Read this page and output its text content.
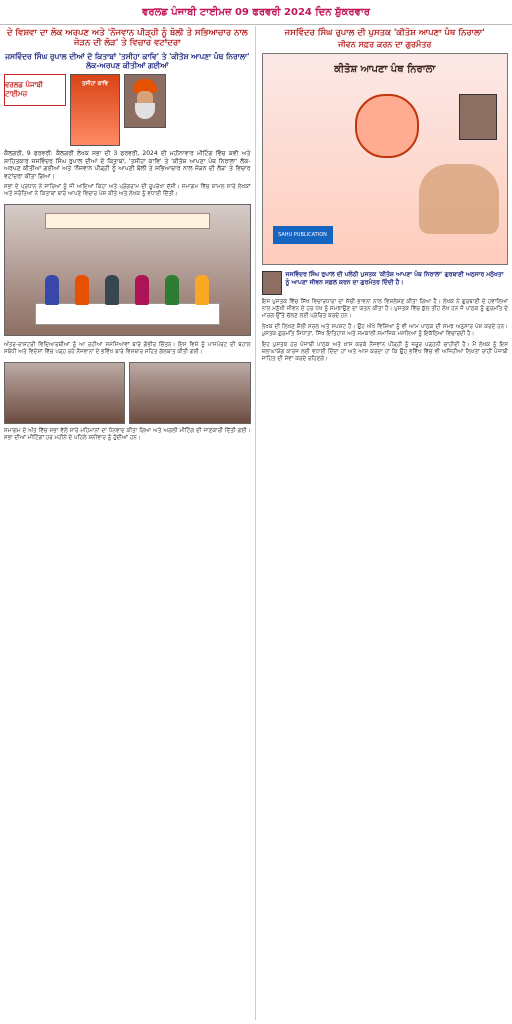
ਵਰਲਡ ਪੰਜਾਬੀ ਟਾਈਮਜ਼ 09 ਫਰਵਰੀ 2024 ਦਿਨ ਸ਼ੁੱਕਰਵਾਰ
ਦੇ ਵਿਸ਼ਵਾ ਦਾ ਲੋਕ ਅਰਪਣ ਅਤੇ 'ਨੌਜਵਾਨ ਪੀੜ੍ਹੀ ਨੂੰ ਬੋਲੀ ਤੇ ਸਭਿਆਚਾਰ ਨਾਲ ਜੋੜਨ ਦੀ ਲੋੜ' ਤੇ ਵਿਚਾਰ ਵਟਾਂਦਰਾ
ਜਸਵਿੰਦਰ ਸਿੰਘ ਰੁਪਾਲ ਦੀਆਂ ਦੋ ਕਿਤਾਬਾਂ 'ਤਸੀਹਾ ਕਾਵਿ' ਤੇ 'ਕੀਤੋਸ਼ ਆਪਣਾ ਪੰਥ ਨਿਰਾਲਾ' ਲੋਕ-ਅਰਪਣ ਕੀਤੀਆਂ ਗਈਆਂ
ਵਰਲਡ ਪੰਜਾਬੀ ਟਾਈਮਜ਼
ਤਸੀਹਾ ਕਾਵਿ
ਕੈਲਗਰੀ, 9 ਫਰਵਰੀ: ਕੈਲਗਰੀ ਲੇਖਕ ਸਭਾ ਦੀ 3 ਫਰਵਰੀ, 2024 ਦੀ ਮਹੀਨਾਵਾਰ ਮੀਟਿੰਗ ਵਿੱਚ ਕਵੀ ਅਤੇ ਸਾਹਿਤਕਾਰ ਜਸਵਿੰਦਰ ਸਿੰਘ ਰੁਪਾਲ ਦੀਆਂ ਦੋ ਕਿਤਾਬਾਂ, 'ਤਸੀਹਾ ਕਾਵਿ' ਤੇ 'ਕੀਤੋਸ਼ ਆਪਣਾ ਪੰਥ ਨਿਰਾਲਾ' ਲੋਕ-ਅਰਪਣ ਕੀਤੀਆਂ ਗਈਆਂ ਅਤੇ 'ਨੌਜਵਾਨ ਪੀੜ੍ਹੀ ਨੂੰ ਆਪਣੀ ਬੋਲੀ ਤੇ ਸਭਿਆਚਾਰ ਨਾਲ ਜੋੜਨ ਦੀ ਲੋੜ' ਤੇ ਵਿਚਾਰ ਵਟਾਂਦਰਾ ਕੀਤਾ ਗਿਆ।
ਸਭਾ ਦੇ ਪ੍ਰਧਾਨ ਨੇ ਸਾਰਿਆਂ ਨੂੰ ਜੀ ਆਇਆਂ ਕਿਹਾ ਅਤੇ ਪ੍ਰੋਗਰਾਮ ਦੀ ਰੂਪਰੇਖਾ ਦੱਸੀ। ਸਮਾਗਮ ਵਿੱਚ ਸ਼ਾਮਲ ਸਾਰੇ ਲੇਖਕਾਂ ਅਤੇ ਸਰੋਤਿਆਂ ਨੇ ਕਿਤਾਬਾਂ ਬਾਰੇ ਆਪਣੇ ਵਿਚਾਰ ਪੇਸ਼ ਕੀਤੇ ਅਤੇ ਲੇਖਕ ਨੂੰ ਵਧਾਈ ਦਿੱਤੀ।
ਅੰਤਰ-ਰਾਸ਼ਟਰੀ ਵਿਦਿਆਰਥੀਆਂ ਨੂੰ ਆ ਰਹੀਆਂ ਸਮੱਸਿਆਵਾਂ ਬਾਰੇ ਗੰਭੀਰ ਚਿੰਤਨ। ਇਸ ਵਿਸ਼ੇ ਨੂੰ ਪਾਸਪੋਰਟ ਦੀ ਬਹਾਲ ਸਬੰਧੀ ਅਤੇ ਵਿਦੇਸ਼ਾਂ ਵਿੱਚ ਪੜ੍ਹ ਰਹੇ ਨੌਜਵਾਨਾਂ ਦੇ ਭਵਿੱਖ ਬਾਰੇ ਵਿਸਥਾਰ ਸਹਿਤ ਗੱਲਬਾਤ ਕੀਤੀ ਗਈ।
ਸਮਾਗਮ ਦੇ ਅੰਤ ਵਿੱਚ ਸਭਾ ਵੱਲੋਂ ਸਾਰੇ ਮਹਿਮਾਨਾਂ ਦਾ ਧੰਨਵਾਦ ਕੀਤਾ ਗਿਆ ਅਤੇ ਅਗਲੀ ਮੀਟਿੰਗ ਦੀ ਜਾਣਕਾਰੀ ਦਿੱਤੀ ਗਈ। ਸਭਾ ਦੀਆਂ ਮੀਟਿੰਗਾਂ ਹਰ ਮਹੀਨੇ ਦੇ ਪਹਿਲੇ ਸ਼ਨੀਵਾਰ ਨੂੰ ਹੁੰਦੀਆਂ ਹਨ।
ਜਸਵਿੰਦਰ ਸਿੰਘ ਰੁਪਾਲ ਦੀ ਪੁਸਤਕ 'ਕੀਤੋਸ਼ ਆਪਣਾ ਪੰਥ ਨਿਰਾਲਾ'
ਜੀਵਨ ਸਫ਼ਰ ਕਰਨ ਦਾ ਗੁਰਮੰਤਰ
ਕੀਤੋਸ਼ ਆਪਣਾ ਪੰਥ ਨਿਰਾਲਾ
SAHU PUBLICATION
ਜਸਵਿੰਦਰ ਸਿੰਘ ਰੁਪਾਲ ਦੀ ਪਲੇਠੀ ਪੁਸਤਕ 'ਕੀਤੋਸ਼ ਆਪਣਾ ਪੰਥ ਨਿਰਾਲਾ' ਗੁਰਬਾਣੀ ਅਨੁਸਾਰ ਮਨੁੱਖਤਾ ਨੂੰ ਆਪਣਾ ਜੀਵਨ ਸਫ਼ਲ ਕਰਨ ਦਾ ਗੁਰਮੰਤਰ ਦਿੰਦੀ ਹੈ।
ਇਸ ਪੁਸਤਕ ਵਿੱਚ ਸਿੱਖ ਵਿਚਾਰਧਾਰਾ ਦਾ ਸੱਚੀ ਭਾਵਨਾ ਨਾਲ ਵਿਸ਼ਲੇਸ਼ਣ ਕੀਤਾ ਗਿਆ ਹੈ। ਲੇਖਕ ਨੇ ਗੁਰਬਾਣੀ ਦੇ ਹਵਾਲਿਆਂ ਨਾਲ ਮਨੁੱਖੀ ਜੀਵਨ ਦੇ ਹਰ ਪੱਖ ਨੂੰ ਸਮਝਾਉਣ ਦਾ ਯਤਨ ਕੀਤਾ ਹੈ। ਪੁਸਤਕ ਵਿੱਚ ਕੁੱਲ ਤੀਹ ਲੇਖ ਹਨ ਜੋ ਪਾਠਕ ਨੂੰ ਗੁਰਮਤਿ ਦੇ ਮਾਰਗ ਉੱਤੇ ਚੱਲਣ ਲਈ ਪ੍ਰੇਰਿਤ ਕਰਦੇ ਹਨ।
ਲੇਖਕ ਦੀ ਲਿਖਣ ਸ਼ੈਲੀ ਸਰਲ ਅਤੇ ਸਪਸ਼ਟ ਹੈ। ਉਹ ਔਖੇ ਵਿਸ਼ਿਆਂ ਨੂੰ ਵੀ ਆਮ ਪਾਠਕ ਦੀ ਸਮਝ ਅਨੁਸਾਰ ਪੇਸ਼ ਕਰਦੇ ਹਨ। ਪੁਸਤਕ ਗੁਰਮਤਿ ਸਿਧਾਂਤਾਂ, ਸਿੱਖ ਇਤਿਹਾਸ ਅਤੇ ਸਮਕਾਲੀ ਸਮਾਜਿਕ ਮਸਲਿਆਂ ਨੂੰ ਇਕੱਠਿਆਂ ਵਿਚਾਰਦੀ ਹੈ।
ਇਹ ਪੁਸਤਕ ਹਰ ਪੰਜਾਬੀ ਪਾਠਕ ਅਤੇ ਖ਼ਾਸ ਕਰਕੇ ਨੌਜਵਾਨ ਪੀੜ੍ਹੀ ਨੂੰ ਜ਼ਰੂਰ ਪੜ੍ਹਨੀ ਚਾਹੀਦੀ ਹੈ। ਮੈਂ ਲੇਖਕ ਨੂੰ ਇਸ ਸ਼ਲਾਘਾਯੋਗ ਕਾਰਜ ਲਈ ਵਧਾਈ ਦਿੰਦਾ ਹਾਂ ਅਤੇ ਆਸ ਕਰਦਾ ਹਾਂ ਕਿ ਉਹ ਭਵਿੱਖ ਵਿੱਚ ਵੀ ਅਜਿਹੀਆਂ ਲਿਖਤਾਂ ਰਾਹੀਂ ਪੰਜਾਬੀ ਸਾਹਿਤ ਦੀ ਸੇਵਾ ਕਰਦੇ ਰਹਿਣਗੇ।
